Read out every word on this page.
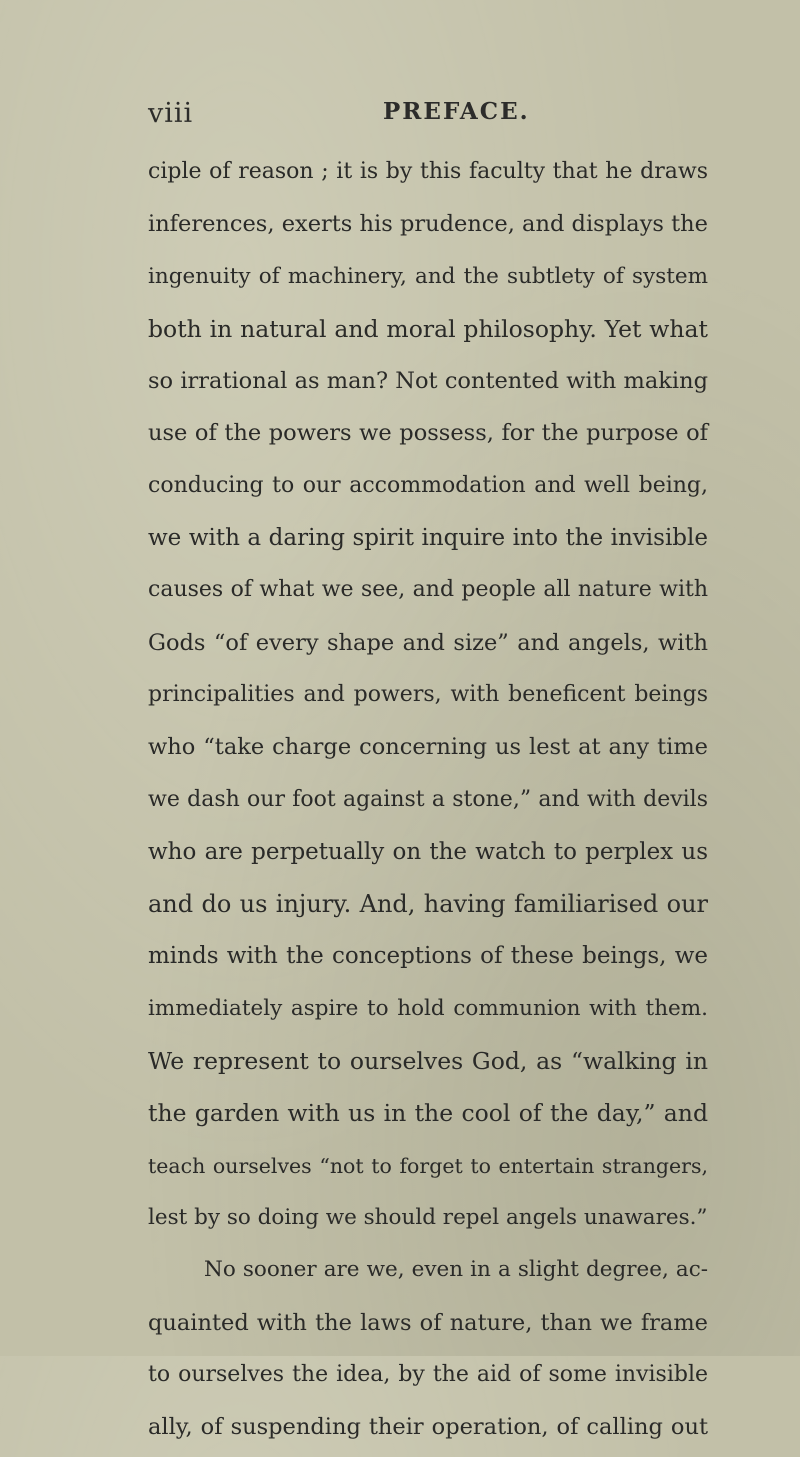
viii	PREFACE.
ciple of reason ; it is by this faculty that he draws
inferences, exerts his prudence, and displays the
ingenuity of machinery, and the subtlety of system
both in natural and moral philosophy. Yet what
so irrational as man? Not contented with making
use of the powers we possess, for the purpose of
conducing to our accommodation and well being,
we with a daring spirit inquire into the invisible
causes of what we see, and people all nature with
Gods “of every shape and size” and angels, with
principalities and powers, with beneficent beings
who “take charge concerning us lest at any time
we dash our foot against a stone,” and with devils
who are perpetually on the watch to perplex us
and do us injury. And, having familiarised our
minds with the conceptions of these beings, we
immediately aspire to hold communion with them.
We represent to ourselves God, as “walking in
the garden with us in the cool of the day,” and
teach ourselves “not to forget to entertain strangers,
lest by so doing we should repel angels unawares.”
No sooner are we, even in a slight degree, ac-
quainted with the laws of nature, than we frame
to ourselves the idea, by the aid of some invisible
ally, of suspending their operation, of calling out
